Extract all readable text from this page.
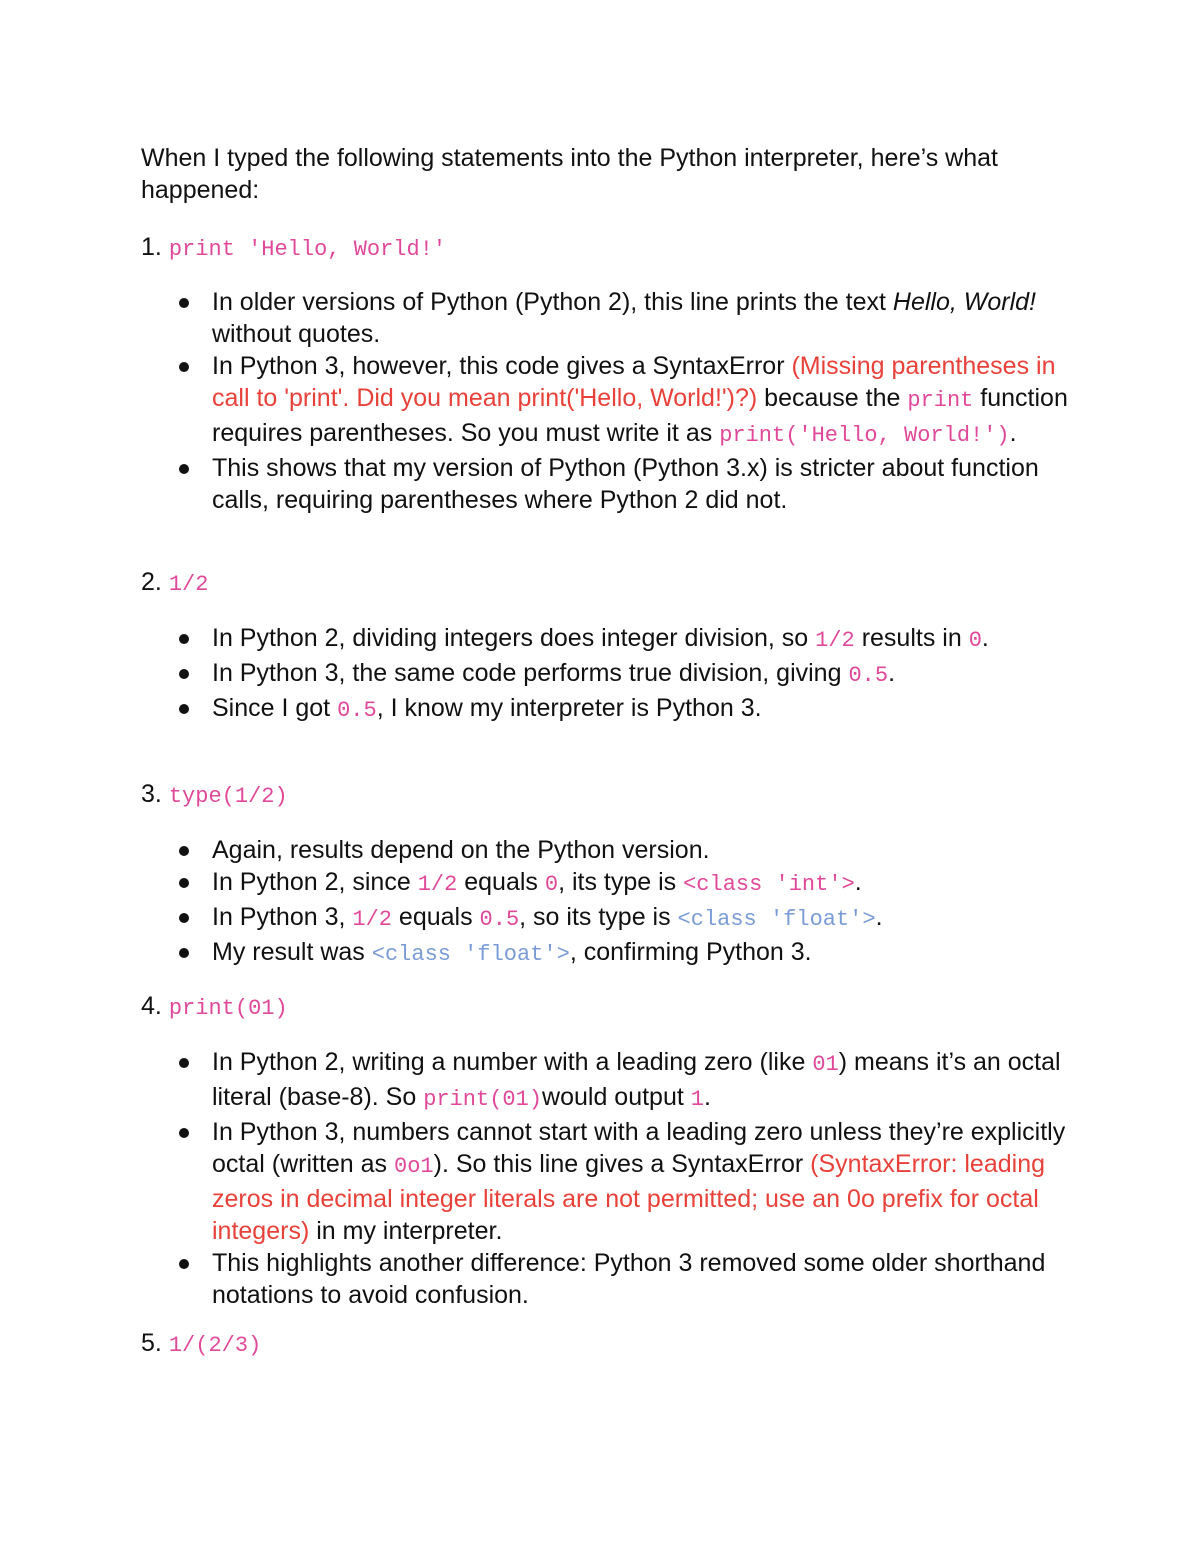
When I typed the following statements into the Python interpreter, here’s what happened:

1. print 'Hello, World!'

In older versions of Python (Python 2), this line prints the text Hello, World! without quotes.
In Python 3, however, this code gives a SyntaxError (Missing parentheses in call to 'print'. Did you mean print('Hello, World!')?) because the print function requires parentheses. So you must write it as print('Hello, World!').
This shows that my version of Python (Python 3.x) is stricter about function calls, requiring parentheses where Python 2 did not.

2. 1/2

In Python 2, dividing integers does integer division, so 1/2 results in 0.
In Python 3, the same code performs true division, giving 0.5.
Since I got 0.5, I know my interpreter is Python 3.

3. type(1/2)

Again, results depend on the Python version.
In Python 2, since 1/2 equals 0, its type is <class 'int'>.
In Python 3, 1/2 equals 0.5, so its type is <class 'float'>.
My result was <class 'float'>, confirming Python 3.

4. print(01)

In Python 2, writing a number with a leading zero (like 01) means it’s an octal literal (base-8). So print(01)would output 1.
In Python 3, numbers cannot start with a leading zero unless they’re explicitly octal (written as 0o1). So this line gives a SyntaxError (SyntaxError: leading zeros in decimal integer literals are not permitted; use an 0o prefix for octal integers) in my interpreter.
This highlights another difference: Python 3 removed some older shorthand notations to avoid confusion.

5. 1/(2/3)
